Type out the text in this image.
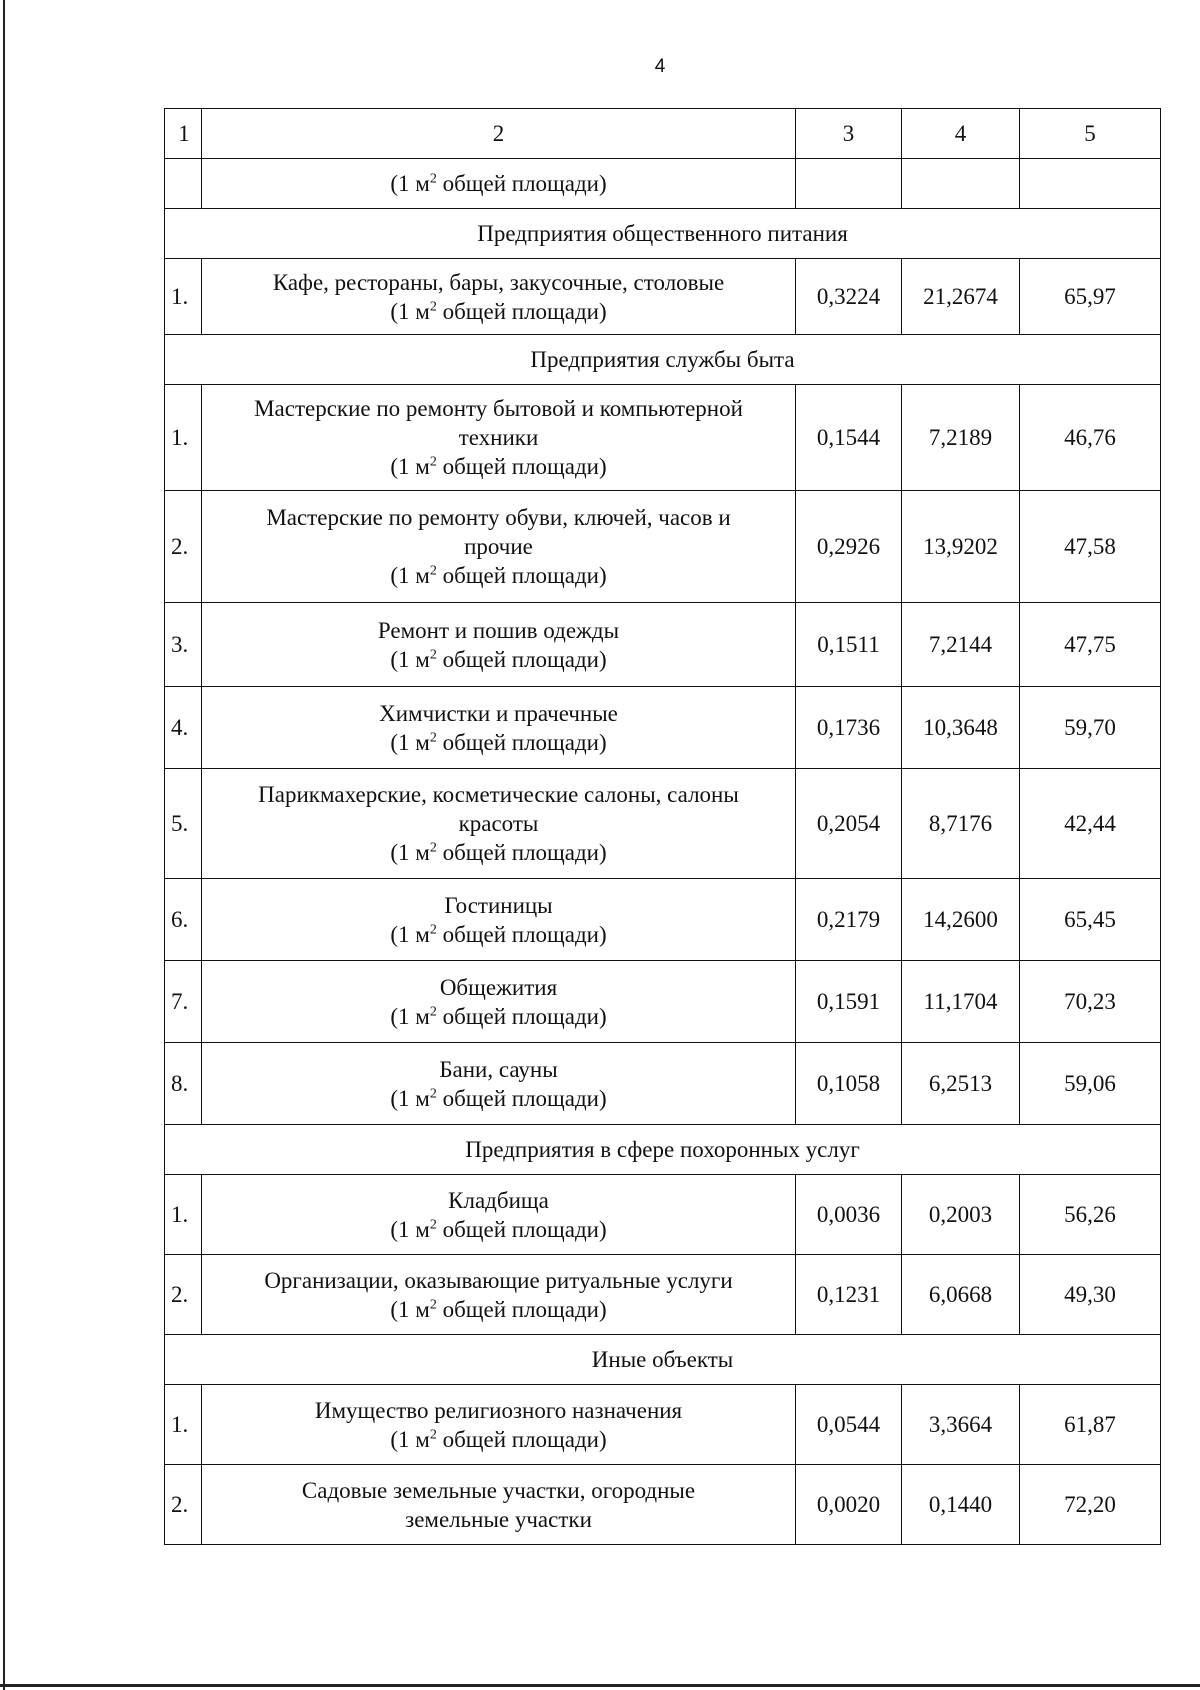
4
1	2	3	4	5
	(1 $м^2$ общей площади)			
Предприятия общественного питания				
1.	Кафе, рестораны, бары, закусочные, столовые
(1 $м^2$ общей площади)	0,3224	21,2674	65,97
Предприятия службы быта				
1.	Мастерские по ремонту бытовой и компьютерной
техники
(1 $м^2$ общей площади)	0,1544	7,2189	46,76
2.	Мастерские по ремонту обуви, ключей, часов и
прочие
(1 $м^2$ общей площади)	0,2926	13,9202	47,58
3.	Ремонт и пошив одежды
(1 $м^2$ общей площади)	0,1511	7,2144	47,75
4.	Химчистки и прачечные
(1 $м^2$ общей площади)	0,1736	10,3648	59,70
5.	Парикмахерские, косметические салоны, салоны
красоты
(1 $м^2$ общей площади)	0,2054	8,7176	42,44
6.	Гостиницы
(1 $м^2$ общей площади)	0,2179	14,2600	65,45
7.	Общежития
(1 $м^2$ общей площади)	0,1591	11,1704	70,23
8.	Бани, сауны
(1 $м^2$ общей площади)	0,1058	6,2513	59,06
Предприятия в сфере похоронных услуг				
1.	Кладбища
(1 $м^2$ общей площади)	0,0036	0,2003	56,26
2.	Организации, оказывающие ритуальные услуги
(1 $м^2$ общей площади)	0,1231	6,0668	49,30
Иные объекты				
1.	Имущество религиозного назначения
(1 $м^2$ общей площади)	0,0544	3,3664	61,87
2.	Садовые земельные участки, огородные
земельные участки	0,0020	0,1440	72,20
